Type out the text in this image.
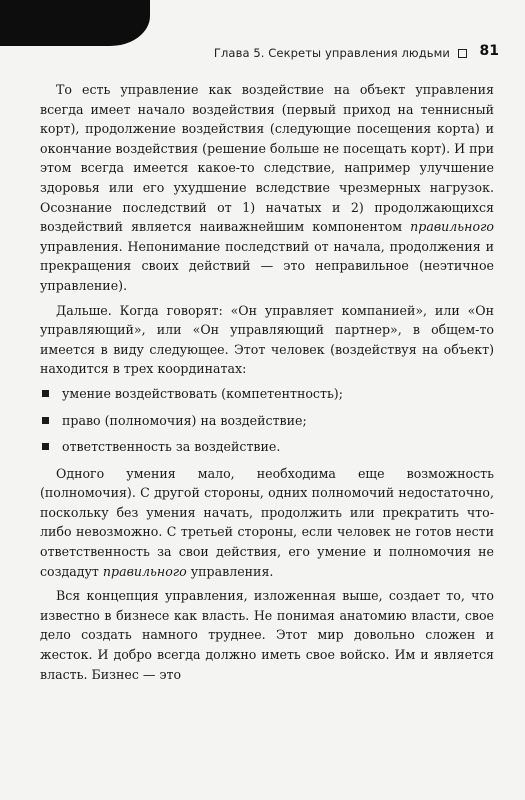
Глава 5. Секреты управления людьми 81

То есть управление как воздействие на объект управления всегда имеет начало воздействия (первый приход на теннисный корт), продолжение воздействия (следующие посещения корта) и окончание воздействия (решение больше не посещать корт). И при этом всегда имеется какое-то следствие, например улучшение здоровья или его ухудшение вследствие чрезмерных нагрузок. Осознание последствий от 1) начатых и 2) продолжающихся воздействий является наиважнейшим компонентом правильного управления. Непонимание последствий от начала, продолжения и прекращения своих действий — это неправильное (неэтичное управление).

Дальше. Когда говорят: «Он управляет компанией», или «Он управляющий», или «Он управляющий партнер», в общем-то имеется в виду следующее. Этот человек (воздействуя на объект) находится в трех координатах:

умение воздействовать (компетентность);
право (полномочия) на воздействие;
ответственность за воздействие.

Одного умения мало, необходима еще возможность (полномочия). С другой стороны, одних полномочий недостаточно, поскольку без умения начать, продолжить или прекратить что-либо невозможно. С третьей стороны, если человек не готов нести ответственность за свои действия, его умение и полномочия не создадут правильного управления.

Вся концепция управления, изложенная выше, создает то, что известно в бизнесе как власть. Не понимая анатомию власти, свое дело создать намного труднее. Этот мир довольно сложен и жесток. И добро всегда должно иметь свое войско. Им и является власть. Бизнес — это
